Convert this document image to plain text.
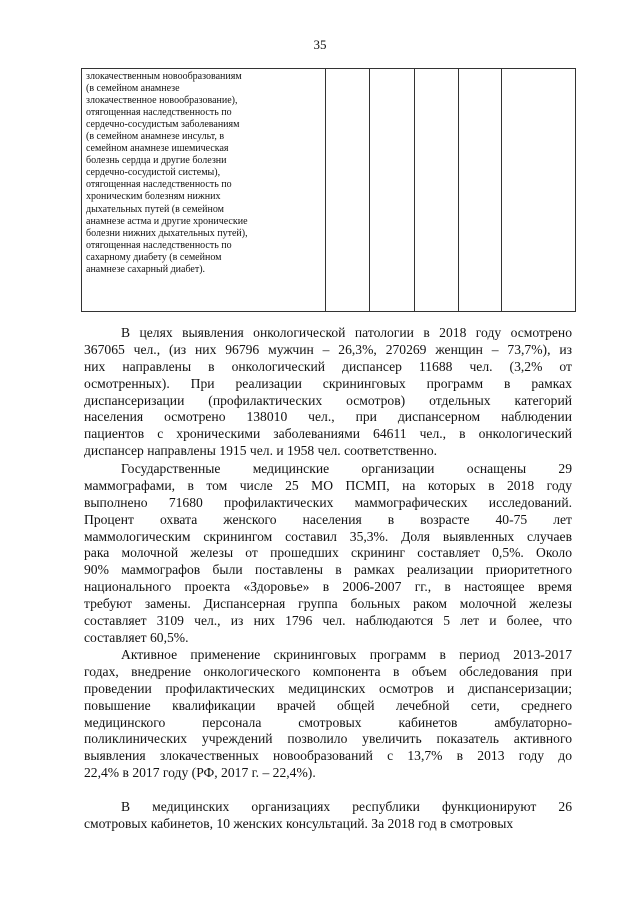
35
злокачественным новообразованиям
(в семейном анамнезе
злокачественное новообразование),
отягощенная наследственность по
сердечно-сосудистым заболеваниям
(в семейном анамнезе инсульт, в
семейном анамнезе ишемическая
болезнь сердца и другие болезни
сердечно-сосудистой системы),
отягощенная наследственность по
хроническим болезням нижних
дыхательных путей (в семейном
анамнезе астма и другие хронические
болезни нижних дыхательных путей),
отягощенная наследственность по
сахарному диабету (в семейном
анамнезе сахарный диабет).

В целях выявления онкологической патологии в 2018 году осмотрено
367065 чел., (из них 96796 мужчин – 26,3%, 270269 женщин – 73,7%), из
них направлены в онкологический диспансер 11688 чел. (3,2% от
осмотренных). При реализации скрининговых программ в рамках
диспансеризации (профилактических осмотров) отдельных категорий
населения осмотрено 138010 чел., при диспансерном наблюдении
пациентов с хроническими заболеваниями 64611 чел., в онкологический
диспансер направлены 1915 чел. и 1958 чел. соответственно.
Государственные медицинские организации оснащены 29
маммографами, в том числе 25 МО ПСМП, на которых в 2018 году
выполнено 71680 профилактических маммографических исследований.
Процент охвата женского населения в возрасте 40-75 лет
маммологическим скринингом составил 35,3%. Доля выявленных случаев
рака молочной железы от прошедших скрининг составляет 0,5%. Около
90% маммографов были поставлены в рамках реализации приоритетного
национального проекта «Здоровье» в 2006-2007 гг., в настоящее время
требуют замены. Диспансерная группа больных раком молочной железы
составляет 3109 чел., из них 1796 чел. наблюдаются 5 лет и более, что
составляет 60,5%.
Активное применение скрининговых программ в период 2013-2017
годах, внедрение онкологического компонента в объем обследования при
проведении профилактических медицинских осмотров и диспансеризации;
повышение квалификации врачей общей лечебной сети, среднего
медицинского персонала смотровых кабинетов амбулаторно-
поликлинических учреждений позволило увеличить показатель активного
выявления злокачественных новообразований с 13,7% в 2013 году до
22,4% в 2017 году (РФ, 2017 г. – 22,4%).
В медицинских организациях республики функционируют 26
смотровых кабинетов, 10 женских консультаций. За 2018 год в смотровых
